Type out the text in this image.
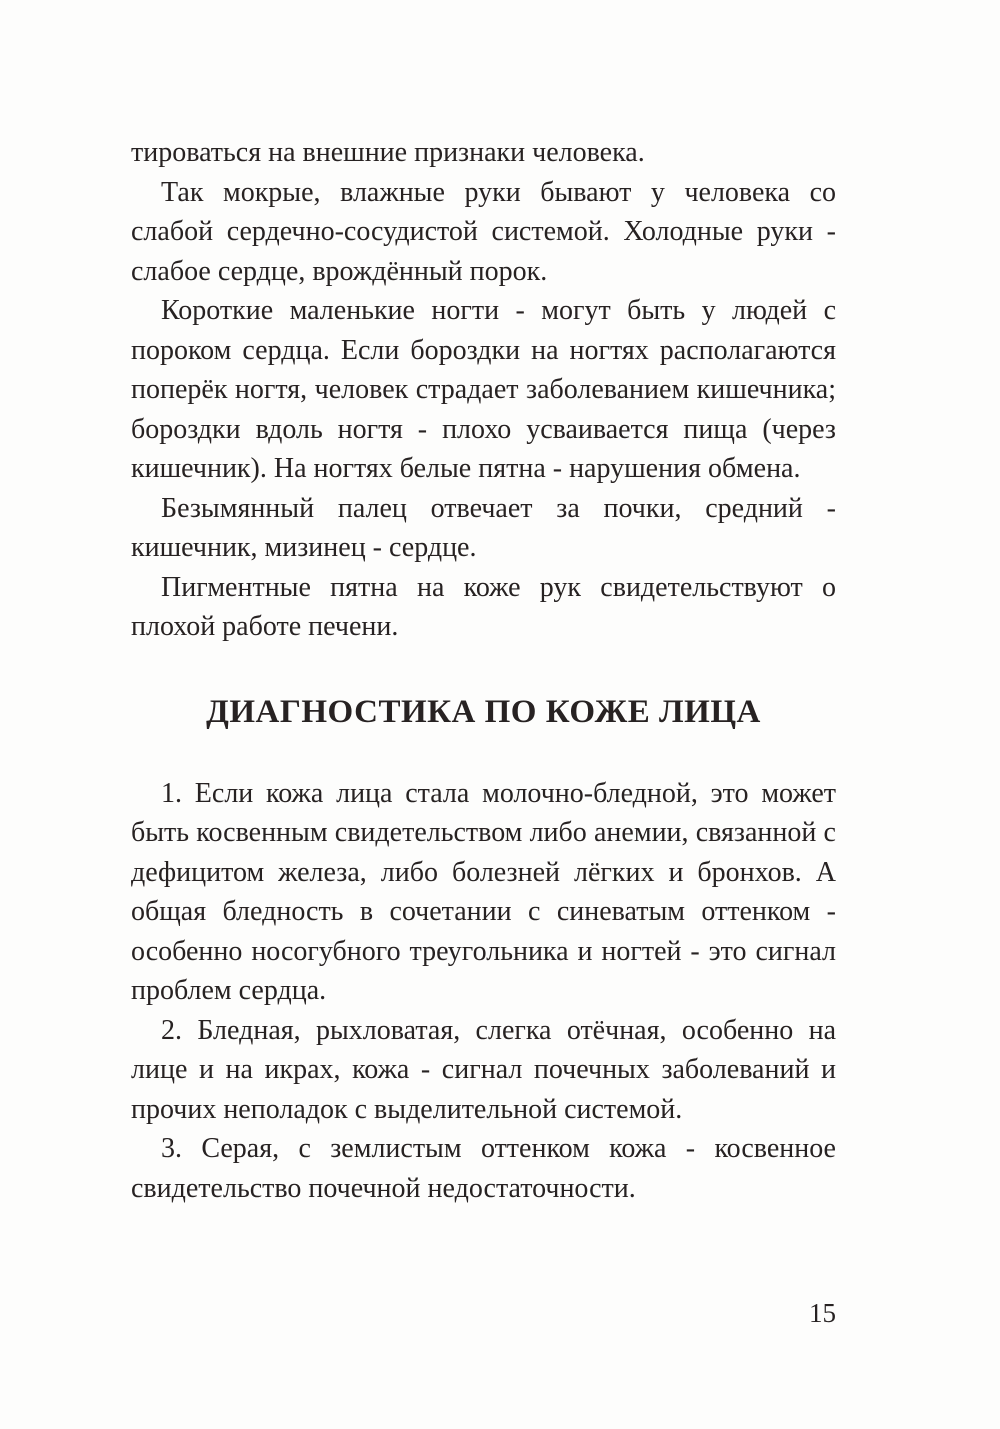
тироваться на внешние признаки человека.

Так мокрые, влажные руки бывают у человека со слабой сердечно-сосудистой системой. Холодные руки - слабое сердце, врождённый порок.

Короткие маленькие ногти - могут быть у людей с пороком сердца. Если бороздки на ногтях располагаются поперёк ногтя, человек страдает заболеванием кишечника; бороздки вдоль ногтя - плохо усваивается пища (через кишечник). На ногтях белые пятна - нарушения обмена.

Безымянный палец отвечает за почки, средний - кишечник, мизинец - сердце.

Пигментные пятна на коже рук свидетельствуют о плохой работе печени.

ДИАГНОСТИКА ПО КОЖЕ ЛИЦА

1. Если кожа лица стала молочно-бледной, это может быть косвенным свидетельством либо анемии, связанной с дефицитом железа, либо болезней лёгких и бронхов. А общая бледность в сочетании с синеватым оттенком - особенно носогубного треугольника и ногтей - это сигнал проблем сердца.

2. Бледная, рыхловатая, слегка отёчная, особенно на лице и на икрах, кожа - сигнал почечных заболеваний и прочих неполадок с выделительной системой.

3. Серая, с землистым оттенком кожа - косвенное свидетельство почечной недостаточности.

15
